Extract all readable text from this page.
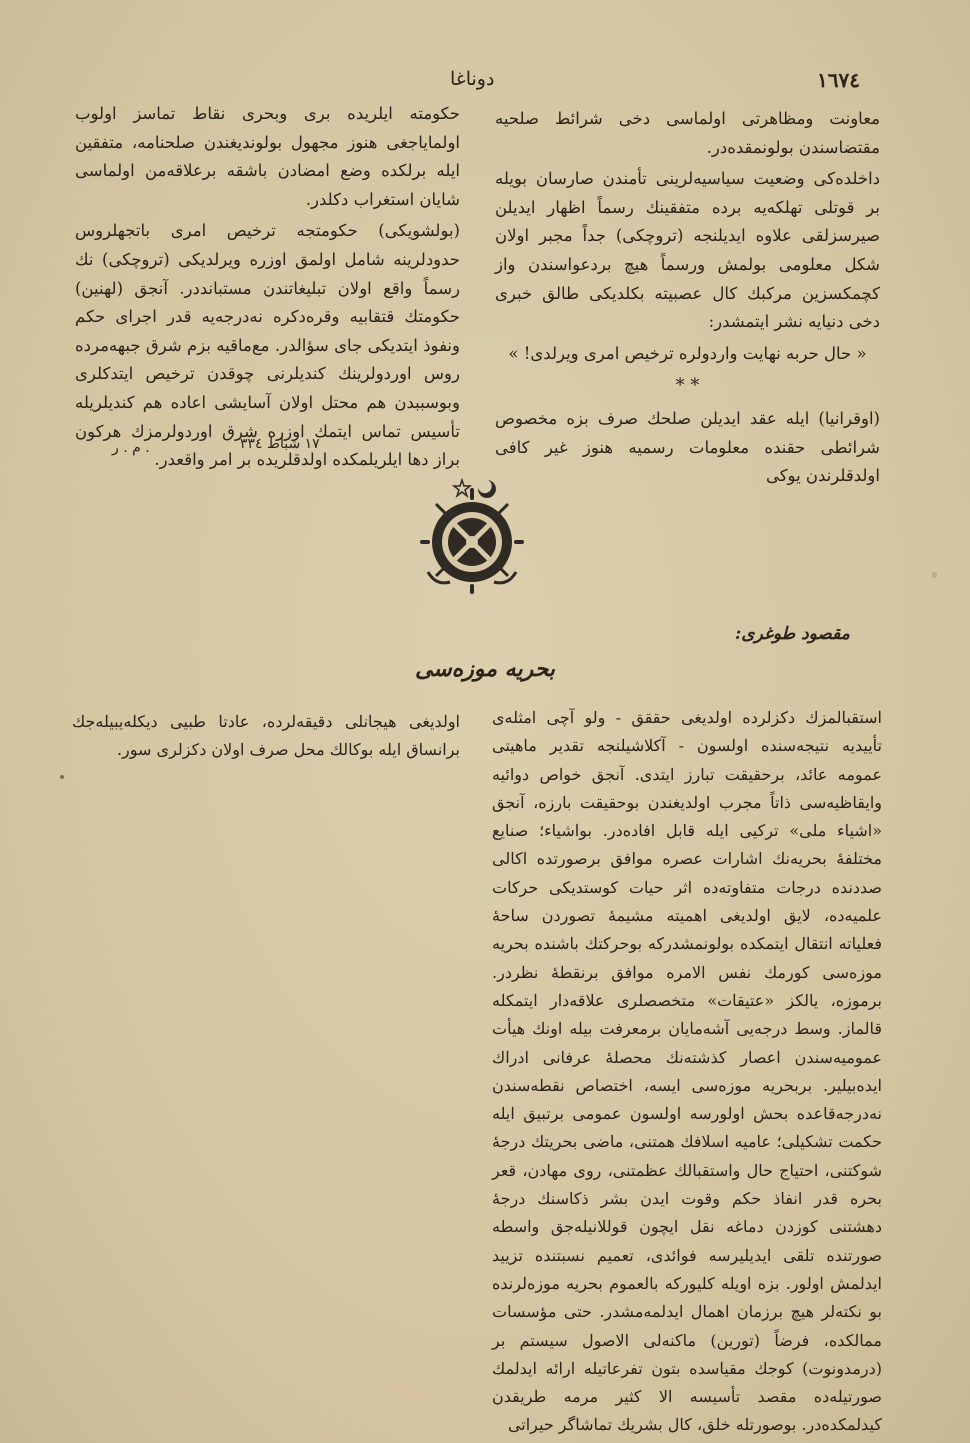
دوناغا	١٦٧٤

معاونت ومظاهرتى اولماسى دخى شرائط صلحيه مقتضاسندن بولونمقده‌در.

داخلده‌كى وضعيت سياسيه‌لرينى تأمندن صارسان بويله بر قوتلى تهلكه‌يه برده متفقينك رسماً اظهار ايديلن صيرسزلقى علاوه ايديلنجه (تروچكى) جداً مجبر اولان شكل معلومى بولمش ورسماً هيچ بردعواسندن واز كچمكسزين مركبك كال عصبيته بكلديكى طالق خبرى دخى دنيايه نشر ايتمشدر:

« حال حربه نهايت واردولره ترخيص امرى ويرلدى! »

* *

(اوقرانيا) ايله عقد ايديلن صلحك صرف بزه مخصوص شرائطى حقنده معلومات رسميه هنوز غير كافى اولدقلرندن يوكى

حكومته ايلريده برى وبحرى نقاط تماسز اولوب اولماياجغى هنوز مجهول بولونديغندن صلحنامه، متفقين ايله برلكده وضع امضادن باشقه برعلاقه‌من اولماسى شايان استغراب دكلدر.

(بولشويكى) حكومتجه ترخيص امرى باتجهلروس حدودلرينه شامل اولمق اوزره ويرلديكى (تروچكى) نك رسماً واقع اولان تبليغاتندن مستبانددر. آنجق (لهنين) حكومتك قتقابيه وقره‌دكره نه‌درجه‌يه قدر اجراى حكم ونفوذ ايتديكى جاى سؤالدر. مع‌ماقيه بزم شرق جبهه‌مرده روس اوردولرينك كنديلرنى چوقدن ترخيص ايتدكلرى وبوسببدن هم محتل اولان آسايشى اعاده هم كنديلريله تأسيس تماس ايتمك اوزره شرق اوردولرمزك هركون براز دها ايلريلمكده اولدقلريده بر امر واقعدر.

١٧ شباط ٣٣٤
م . ر .
مقصود طوغرى:
بحريه موزه‌سى

استقبالمزك دكزلرده اولديغى حققق - ولو آچى امثله‌ى تأييديه نتيجه‌سنده اولسون - آكلاشيلنجه تقدير ماهيتى عمومه عائد، برحقيقت تبارز ايتدى. آنجق خواص دوائيه وايقاظيه‌سى ذاتاً مجرب اولديغندن بوحقيقت بارزه، آنجق «اشياء ملى» تركيى ايله قابل افاده‌در. بواشياء؛ صنايع مختلفهٔ بحريه‌نك اشارات عصره موافق برصورتده اكالى صددنده درجات متفاوته‌ده اثر حيات كوستديكى حركات علميه‌ده، لايق اولديغى اهميته مشيمهٔ تصوردن ساحهٔ فعلياته انتقال ايتمكده بولونمشدركه بوحركتك باشنده بحريه موزه‌سى كورمك نفس الامره موافق برنقطهٔ نظردر. برموزه، يالكز «عتيقات» متخصصلرى علاقه‌دار ايتمكله قالماز. وسط درجه‌يى آشه‌مايان برمعرفت بيله اونك هيأت عموميه‌سندن اعصار كذشته‌نك محصلهٔ عرفانى ادراك ايده‌بيلير. بربحريه موزه‌سى ايسه، اختصاص نقطه‌سندن نه‌درجه‌قاعده بحش اولورسه اولسون عمومى برتبيق ايله حكمت تشكيلى؛ عاميه اسلافك همتنى، ماضى بحريتك درجهٔ شوكتنى، احتياج حال واستقبالك عظمتنى، روى مهادن، قعر بحره قدر انفاذ حكم وقوت ايدن بشر ذكاسنك درجهٔ دهشتنى كوزدن دماغه نقل ايچون قوللانيله‌جق واسطه صورتنده تلقى ايديليرسه فوائدى، تعميم نسبتنده تزييد ايدلمش اولور. بزه اويله كليوركه بالعموم بحريه موزه‌لرنده بو نكته‌لر هيچ برزمان اهمال ايدلمه‌مشدر. حتى مؤسسات ممالكده، فرضاً (تورين) ماكنه‌لى الاصول سيستم بر (درمدونوت) كوجك مقياسده بتون تفرعاتيله ارائه ايدلمك صورتيله‌ده مقصد تأسيسه الا كثير مرمه طريقدن كيدلمكده‌در. بوصورتله خلق، كال بشريك تماشاگر حيراتى

اولديغى هيجانلى دقيقه‌لرده، عادتا طبيى ديكله‌يبيله‌جك برانساق ايله بوكالك محل صرف اولان دكزلرى سور.
